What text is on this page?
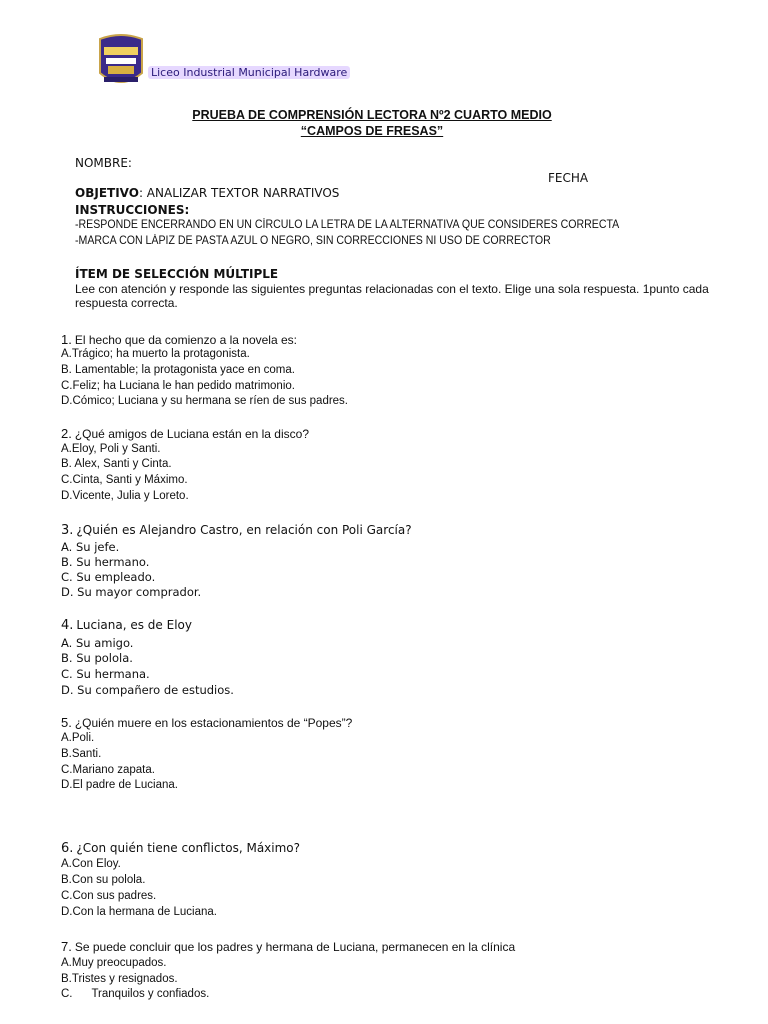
Liceo Industrial Municipal Hardware
PRUEBA DE COMPRENSIÓN LECTORA Nº2 CUARTO MEDIO
“CAMPOS DE FRESAS”
NOMBRE:
FECHA
OBJETIVO: ANALIZAR TEXTOR NARRATIVOS
INSTRUCCIONES:
-RESPONDE ENCERRANDO EN UN CÍRCULO LA LETRA DE LA ALTERNATIVA QUE CONSIDERES CORRECTA
-MARCA CON LÁPIZ DE PASTA AZUL O NEGRO, SIN CORRECCIONES NI USO DE CORRECTOR
ÍTEM DE SELECCIÓN MÚLTIPLE
Lee con atención y responde las siguientes preguntas relacionadas con el texto. Elige una sola respuesta. 1punto cada respuesta correcta.
1. El hecho que da comienzo a la novela es:
A.Trágico; ha muerto la protagonista.
B. Lamentable; la protagonista yace en coma.
C.Feliz; ha Luciana le han pedido matrimonio.
D.Cómico; Luciana y su hermana se ríen de sus padres.
2. ¿Qué amigos de Luciana están en la disco?
A.Eloy, Poli y Santi.
B. Alex, Santi y Cinta.
C.Cinta, Santi y Máximo.
D.Vicente, Julia y Loreto.
3. ¿Quién es Alejandro Castro, en relación con Poli García?
A. Su jefe.
B. Su hermano.
C. Su empleado.
D. Su mayor comprador.
4. Luciana, es de Eloy
A. Su amigo.
B. Su polola.
C. Su hermana.
D. Su compañero de estudios.
5. ¿Quién muere en los estacionamientos de “Popes”?
A.Poli.
B.Santi.
C.Mariano zapata.
D.El padre de Luciana.
6. ¿Con quién tiene conflictos, Máximo?
A.Con Eloy.
B.Con su polola.
C.Con sus padres.
D.Con la hermana de Luciana.
7. Se puede concluir que los padres y hermana de Luciana, permanecen en la clínica
A.Muy preocupados.
B.Tristes y resignados.
C.      Tranquilos y confiados.
